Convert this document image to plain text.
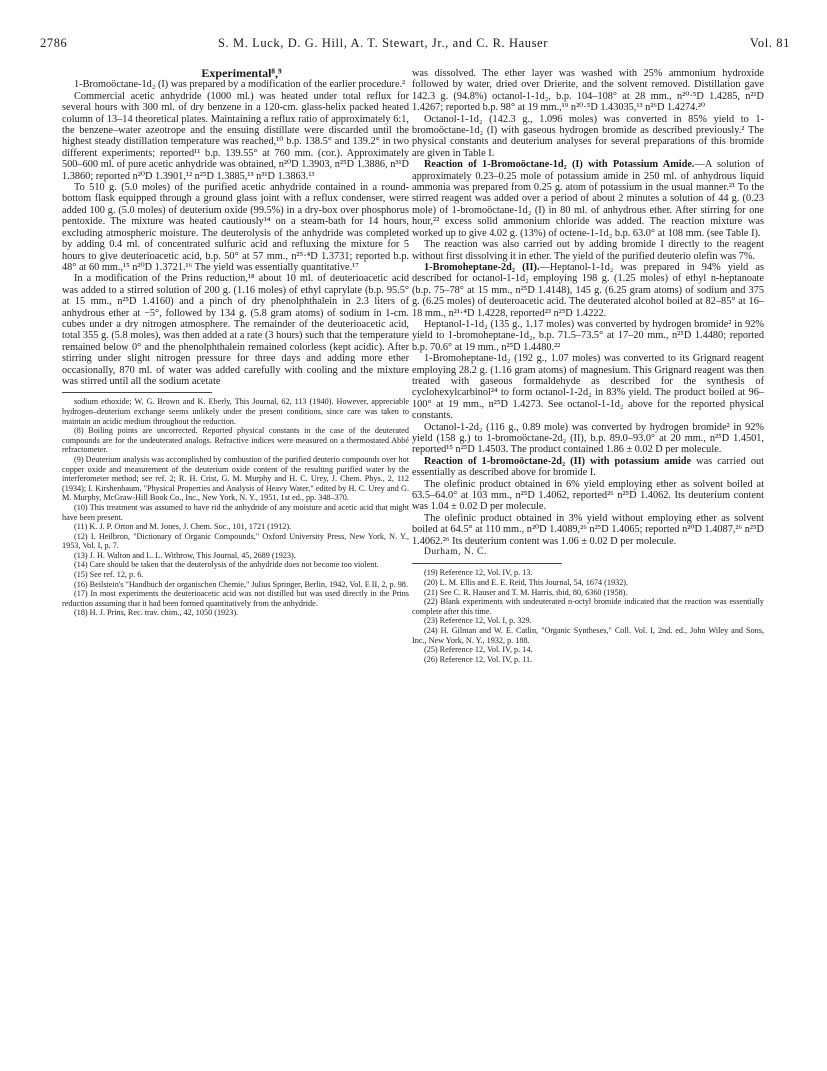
2786	S. M. Luck, D. G. Hill, A. T. Stewart, Jr., and C. R. Hauser	Vol. 81

Experimental⁸,⁹

1-Bromoöctane-1d₂ (I) was prepared by a modification of the earlier procedure.²

Commercial acetic anhydride (1000 ml.) was heated under total reflux for several hours with 300 ml. of dry benzene in a 120-cm. glass-helix packed heated column of 13–14 theoretical plates. Maintaining a reflux ratio of approximately 6:1, the benzene–water azeotrope and the ensuing distillate were discarded until the highest steady distillation temperature was reached,¹⁰ b.p. 138.5° and 139.2° in two different experiments; reported¹¹ b.p. 139.55° at 760 mm. (cor.). Approximately 500–600 ml. of pure acetic anhydride was obtained, n²⁰D 1.3903, n²⁵D 1.3886, n³¹D 1.3860; reported n²⁰D 1.3901,¹² n²⁵D 1.3885,¹³ n³¹D 1.3863.¹³

To 510 g. (5.0 moles) of the purified acetic anhydride contained in a round-bottom flask equipped through a ground glass joint with a reflux condenser, were added 100 g. (5.0 moles) of deuterium oxide (99.5%) in a dry-box over phosphorus pentoxide. The mixture was heated cautiously¹⁴ on a steam-bath for 14 hours, excluding atmospheric moisture. The deuterolysis of the anhydride was completed by adding 0.4 ml. of concentrated sulfuric acid and refluxing the mixture for 5 hours to give deuterioacetic acid, b.p. 50° at 57 mm., n²⁵·⁴D 1.3731; reported b.p. 48° at 60 mm.,¹⁵ n²⁰D 1.3721.¹⁶ The yield was essentially quantitative.¹⁷

In a modification of the Prins reduction,¹⁸ about 10 ml. of deuterioacetic acid was added to a stirred solution of 200 g. (1.16 moles) of ethyl caprylate (b.p. 95.5° at 15 mm., n²⁵D 1.4160) and a pinch of dry phenolphthalein in 2.3 liters of anhydrous ether at −5°, followed by 134 g. (5.8 gram atoms) of sodium in 1-cm. cubes under a dry nitrogen atmosphere. The remainder of the deuterioacetic acid, total 355 g. (5.8 moles), was then added at a rate (3 hours) such that the temperature remained below 0° and the phenolphthalein remained colorless (kept acidic). After stirring under slight nitrogen pressure for three days and adding more ether occasionally, 870 ml. of water was added carefully with cooling and the mixture was stirred until all the sodium acetate

sodium ethoxide; W. G. Brown and K. Eberly, This Journal, 62, 113 (1940). However, appreciable hydrogen–deuterium exchange seems unlikely under the present conditions, since care was taken to maintain an acidic medium throughout the reduction.

(8) Boiling points are uncorrected. Reported physical constants in the case of the deuterated compounds are for the undeuterated analogs. Refractive indices were measured on a thermostated Abbé refractometer.

(9) Deuterium analysis was accomplished by combustion of the purified deuterio compounds over hot copper oxide and measurement of the deuterium oxide content of the resulting purified water by the interferometer method; see ref. 2; R. H. Crist, G. M. Murphy and H. C. Urey, J. Chem. Phys., 2, 112 (1934); I. Kirshenbaum, "Physical Properties and Analysis of Heavy Water," edited by H. C. Urey and G. M. Murphy, McGraw-Hill Book Co., Inc., New York, N. Y., 1951, 1st ed., pp. 348–370.

(10) This treatment was assumed to have rid the anhydride of any moisture and acetic acid that might have been present.

(11) K. J. P. Orton and M. Jones, J. Chem. Soc., 101, 1721 (1912).

(12) I. Heilbron, "Dictionary of Organic Compounds," Oxford University Press, New York, N. Y., 1953, Vol. I, p. 7.

(13) J. H. Walton and L. L. Withrow, This Journal, 45, 2689 (1923).

(14) Care should be taken that the deuterolysis of the anhydride does not become too violent.

(15) See ref. 12, p. 6.

(16) Beilstein's "Handbuch der organischen Chemie," Julius Springer, Berlin, 1942, Vol. E II, 2, p. 98.

(17) In most experiments the deuterioacetic acid was not distilled but was used directly in the Prins reduction assuming that it had been formed quantitatively from the anhydride.

(18) H. J. Prins, Rec. trav. chim., 42, 1050 (1923).

was dissolved. The ether layer was washed with 25% ammonium hydroxide followed by water, dried over Drierite, and the solvent removed. Distillation gave 142.3 g. (94.8%) octanol-1-1d₂, b.p. 104–108° at 28 mm., n²⁰·⁵D 1.4285, n²¹D 1.4267; reported b.p. 98° at 19 mm.,¹⁹ n²⁰·⁵D 1.43035,¹³ n²⁶D 1.4274.²⁰

Octanol-1-1d₂ (142.3 g., 1.096 moles) was converted in 85% yield to 1-bromoöctane-1d₂ (I) with gaseous hydrogen bromide as described previously.² The physical constants and deuterium analyses for several preparations of this bromide are given in Table I.

Reaction of 1-Bromoöctane-1d₂ (I) with Potassium Amide.—A solution of approximately 0.23–0.25 mole of potassium amide in 250 ml. of anhydrous liquid ammonia was prepared from 0.25 g. atom of potassium in the usual manner.²¹ To the stirred reagent was added over a period of about 2 minutes a solution of 44 g. (0.23 mole) of 1-bromoöctane-1d₂ (I) in 80 ml. of anhydrous ether. After stirring for one hour,²² excess solid ammonium chloride was added. The reaction mixture was worked up to give 4.02 g. (13%) of octene-1-1d₂ b.p. 63.0° at 108 mm. (see Table I).

The reaction was also carried out by adding bromide I directly to the reagent without first dissolving it in ether. The yield of the purified deuterio olefin was 7%.

1-Bromoheptane-2d₂ (II).—Heptanol-1-1d₂ was prepared in 94% yield as described for octanol-1-1d₂ employing 198 g. (1.25 moles) of ethyl n-heptanoate (b.p. 75–78° at 15 mm., n²⁵D 1.4148), 145 g. (6.25 gram atoms) of sodium and 375 g. (6.25 moles) of deuteroacetic acid. The deuterated alcohol boiled at 82–85° at 16–18 mm., n²¹·⁴D 1.4228, reported²³ n²⁵D 1.4222.

Heptanol-1-1d₂ (135 g., 1.17 moles) was converted by hydrogen bromide² in 92% yield to 1-bromoheptane-1d₂, b.p. 71.5–73.5° at 17–20 mm., n²⁵D 1.4480; reported b.p. 70.6° at 19 mm., n²⁵D 1.4480.²²

1-Bromoheptane-1d₂ (192 g., 1.07 moles) was converted to its Grignard reagent employing 28.2 g. (1.16 gram atoms) of magnesium. This Grignard reagent was then treated with gaseous formaldehyde as described for the synthesis of cyclohexylcarbinol²⁴ to form octanol-1-2d₂ in 83% yield. The product boiled at 96–100° at 19 mm., n²⁵D 1.4273. See octanol-1-1d₂ above for the reported physical constants.

Octanol-1-2d₂ (116 g., 0.89 mole) was converted by hydrogen bromide² in 92% yield (158 g.) to 1-bromoöctane-2d₂ (II), b.p. 89.0–93.0° at 20 mm., n²⁵D 1.4501, reported¹⁵ n²⁵D 1.4503. The product contained 1.86 ± 0.02 D per molecule.

Reaction of 1-bromoöctane-2d₂ (II) with potassium amide was carried out essentially as described above for bromide I.

The olefinic product obtained in 6% yield employing ether as solvent boiled at 63.5–64.0° at 103 mm., n²⁵D 1.4062, reported²⁶ n²⁵D 1.4062. Its deuterium content was 1.04 ± 0.02 D per molecule.

The olefinic product obtained in 3% yield without employing ether as solvent boiled at 64.5° at 110 mm., n²⁰D 1.4089,²⁶ n²⁵D 1.4065; reported n²⁰D 1.4087,²⁶ n²⁵D 1.4062.²⁶ Its deuterium content was 1.06 ± 0.02 D per molecule.

Durham, N. C.

(19) Reference 12, Vol. IV, p. 13.

(20) L. M. Ellis and E. E. Reid, This Journal, 54, 1674 (1932).

(21) See C. R. Hauser and T. M. Harris, ibid, 80, 6360 (1958).

(22) Blank experiments with undeuterated n-octyl bromide indicated that the reaction was essentially complete after this time.

(23) Reference 12, Vol. I, p. 329.

(24) H. Gilman and W. E. Catlin, "Organic Syntheses," Coll. Vol. I, 2nd. ed., John Wiley and Sons, Inc., New York, N. Y., 1932, p. 188.

(25) Reference 12, Vol. IV, p. 14.

(26) Reference 12, Vol. IV, p. 11.
